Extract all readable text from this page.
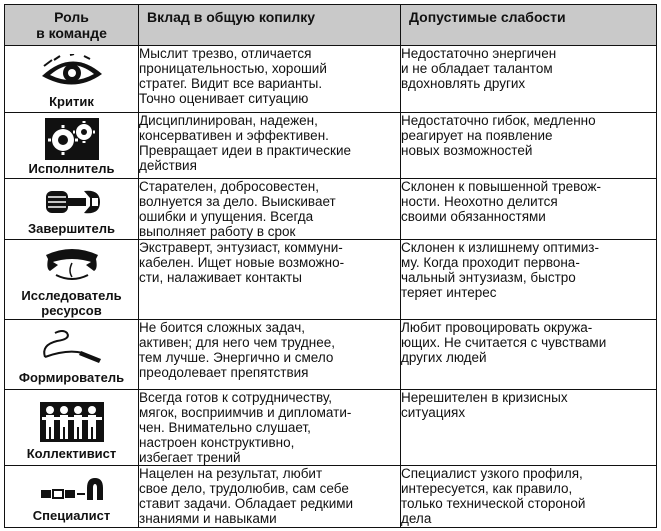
Роль
в команде	Вклад в общую копилку	Допустимые слабости

Критик	Мыслит трезво, отличается
проницательностью, хороший
стратег. Видит все варианты.
Точно оценивает ситуацию	Недостаточно энергичен
и не обладает талантом
вдохновлять других

Исполнитель	Дисциплинирован, надежен,
консервативен и эффективен.
Превращает идеи в практические
действия	Недостаточно гибок, медленно
реагирует на появление
новых возможностей

Завершитель	Старателен, добросовестен,
волнуется за дело. Выискивает
ошибки и упущения. Всегда
выполняет работу в срок	Склонен к повышенной тревож-
ности. Неохотно делится
своими обязанностями

Исследователь
ресурсов	Экстраверт, энтузиаст, коммуни-
кабелен. Ищет новые возможно-
сти, налаживает контакты	Склонен к излишнему оптимиз-
му. Когда проходит первона-
чальный энтузиазм, быстро
теряет интерес

Формирователь	Не боится сложных задач,
активен; для него чем труднее,
тем лучше. Энергично и смело
преодолевает препятствия	Любит провоцировать окружа-
ющих. Не считается с чувствами
других людей

Коллективист	Всегда готов к сотрудничеству,
мягок, восприимчив и дипломати-
чен. Внимательно слушает,
настроен конструктивно,
избегает трений	Нерешителен в кризисных
ситуациях

Специалист	Нацелен на результат, любит
свое дело, трудолюбив, сам себе
ставит задачи. Обладает редкими
знаниями и навыками	Специалист узкого профиля,
интересуется, как правило,
только технической стороной
дела
